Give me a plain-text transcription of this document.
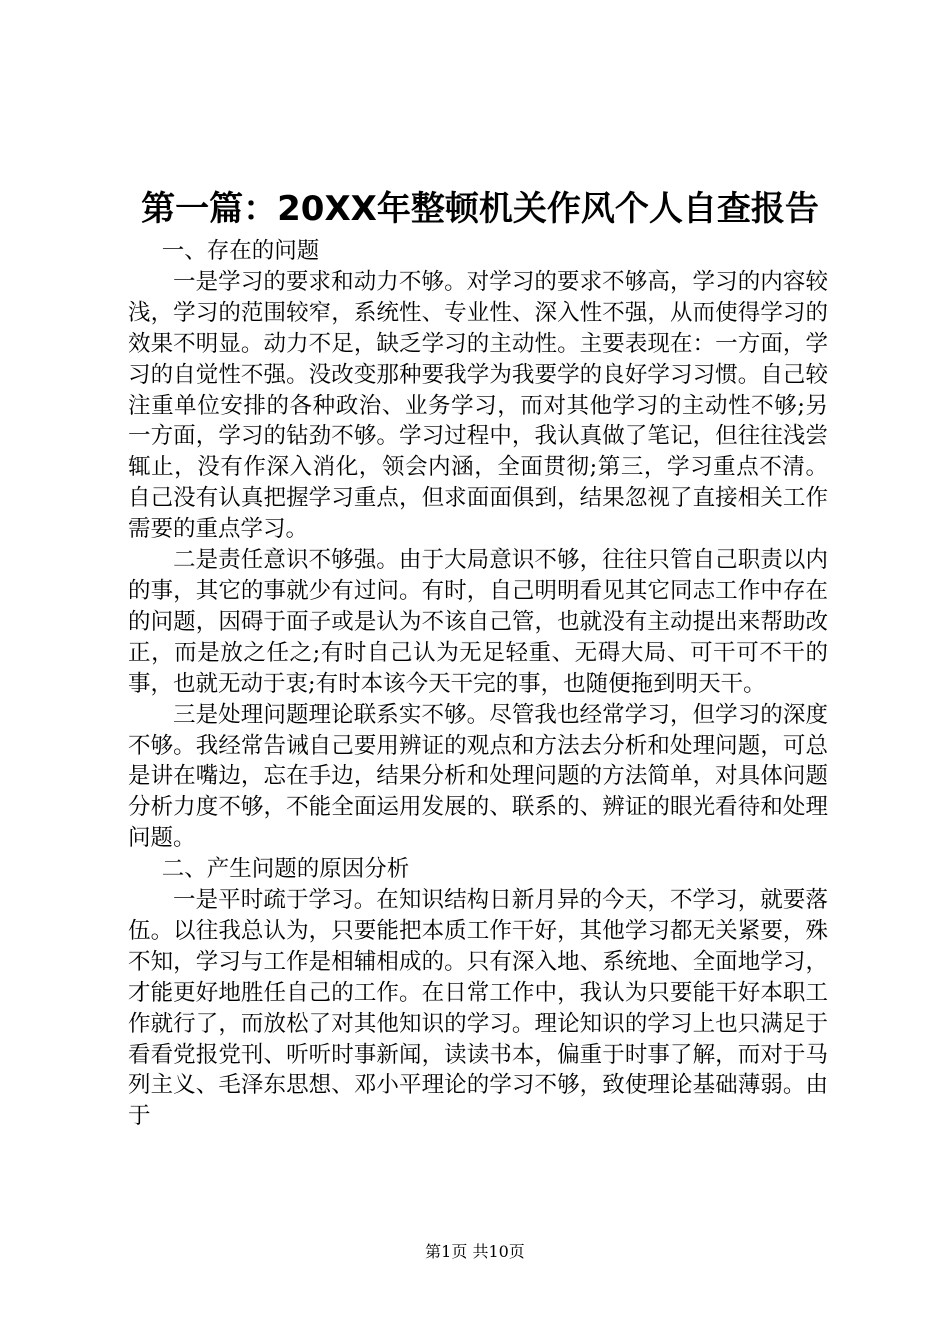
第一篇：20XX年整顿机关作风个人自查报告

一、存在的问题

一是学习的要求和动力不够。对学习的要求不够高，学习的内容较浅，学习的范围较窄，系统性、专业性、深入性不强，从而使得学习的效果不明显。动力不足，缺乏学习的主动性。主要表现在：一方面，学习的自觉性不强。没改变那种要我学为我要学的良好学习习惯。自己较注重单位安排的各种政治、业务学习，而对其他学习的主动性不够;另一方面，学习的钻劲不够。学习过程中，我认真做了笔记，但往往浅尝辄止，没有作深入消化，领会内涵，全面贯彻;第三，学习重点不清。自己没有认真把握学习重点，但求面面俱到，结果忽视了直接相关工作需要的重点学习。

二是责任意识不够强。由于大局意识不够，往往只管自己职责以内的事，其它的事就少有过问。有时，自己明明看见其它同志工作中存在的问题，因碍于面子或是认为不该自己管，也就没有主动提出来帮助改正，而是放之任之;有时自己认为无足轻重、无碍大局、可干可不干的事，也就无动于衷;有时本该今天干完的事，也随便拖到明天干。

三是处理问题理论联系实不够。尽管我也经常学习，但学习的深度不够。我经常告诫自己要用辨证的观点和方法去分析和处理问题，可总是讲在嘴边，忘在手边，结果分析和处理问题的方法简单，对具体问题分析力度不够，不能全面运用发展的、联系的、辨证的眼光看待和处理问题。

二、产生问题的原因分析

一是平时疏于学习。在知识结构日新月异的今天，不学习，就要落伍。以往我总认为，只要能把本质工作干好，其他学习都无关紧要，殊不知，学习与工作是相辅相成的。只有深入地、系统地、全面地学习，才能更好地胜任自己的工作。在日常工作中，我认为只要能干好本职工作就行了，而放松了对其他知识的学习。理论知识的学习上也只满足于看看党报党刊、听听时事新闻，读读书本，偏重于时事了解，而对于马列主义、毛泽东思想、邓小平理论的学习不够，致使理论基础薄弱。由于

第1页 共10页
